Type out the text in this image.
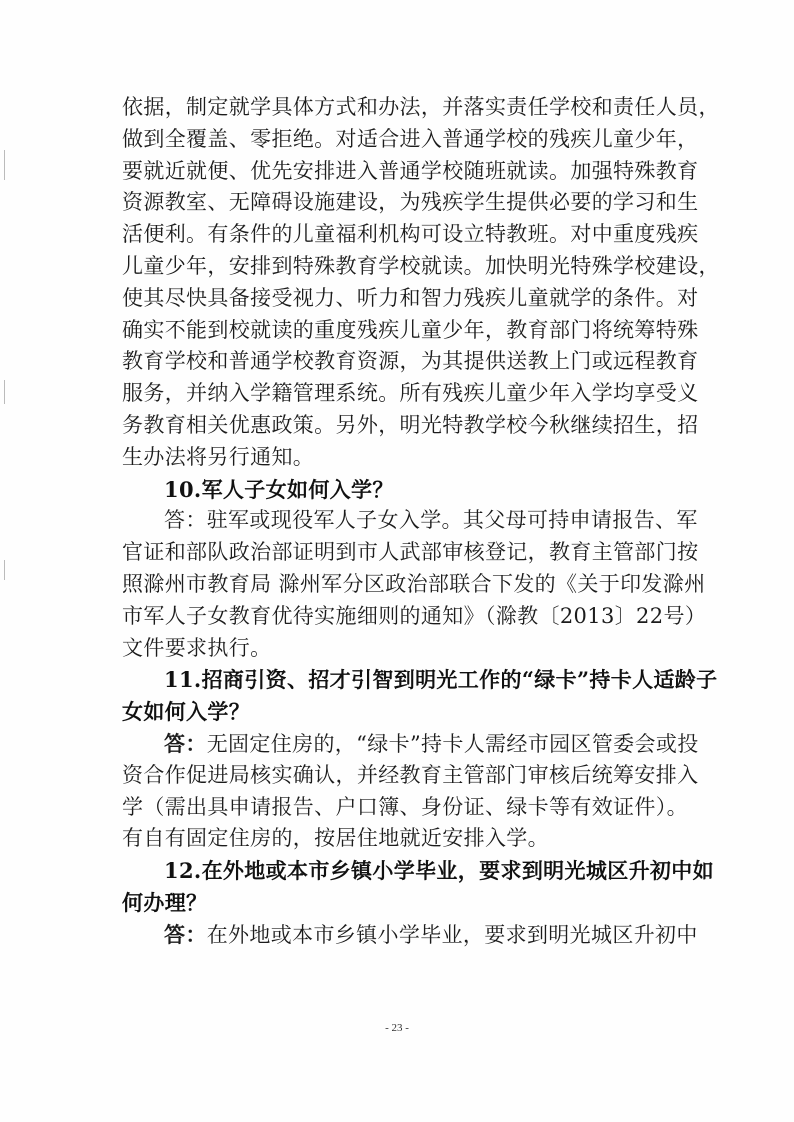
依据，制定就学具体方式和办法，并落实责任学校和责任人员，
做到全覆盖、零拒绝。对适合进入普通学校的残疾儿童少年，
要就近就便、优先安排进入普通学校随班就读。加强特殊教育
资源教室、无障碍设施建设，为残疾学生提供必要的学习和生
活便利。有条件的儿童福利机构可设立特教班。对中重度残疾
儿童少年，安排到特殊教育学校就读。加快明光特殊学校建设，
使其尽快具备接受视力、听力和智力残疾儿童就学的条件。对
确实不能到校就读的重度残疾儿童少年，教育部门将统筹特殊
教育学校和普通学校教育资源，为其提供送教上门或远程教育
服务，并纳入学籍管理系统。所有残疾儿童少年入学均享受义
务教育相关优惠政策。另外，明光特教学校今秋继续招生，招
生办法将另行通知。
10.军人子女如何入学？
答：驻军或现役军人子女入学。其父母可持申请报告、军
官证和部队政治部证明到市人武部审核登记，教育主管部门按
照滁州市教育局 滁州军分区政治部联合下发的《关于印发滁州
市军人子女教育优待实施细则的通知》（滁教〔2013〕22号）
文件要求执行。
11.招商引资、招才引智到明光工作的“绿卡”持卡人适龄子
女如何入学？
答：无固定住房的，“绿卡”持卡人需经市园区管委会或投
资合作促进局核实确认，并经教育主管部门审核后统筹安排入
学（需出具申请报告、户口簿、身份证、绿卡等有效证件）。
有自有固定住房的，按居住地就近安排入学。
12.在外地或本市乡镇小学毕业，要求到明光城区升初中如
何办理？
答：在外地或本市乡镇小学毕业，要求到明光城区升初中
- 23 -
